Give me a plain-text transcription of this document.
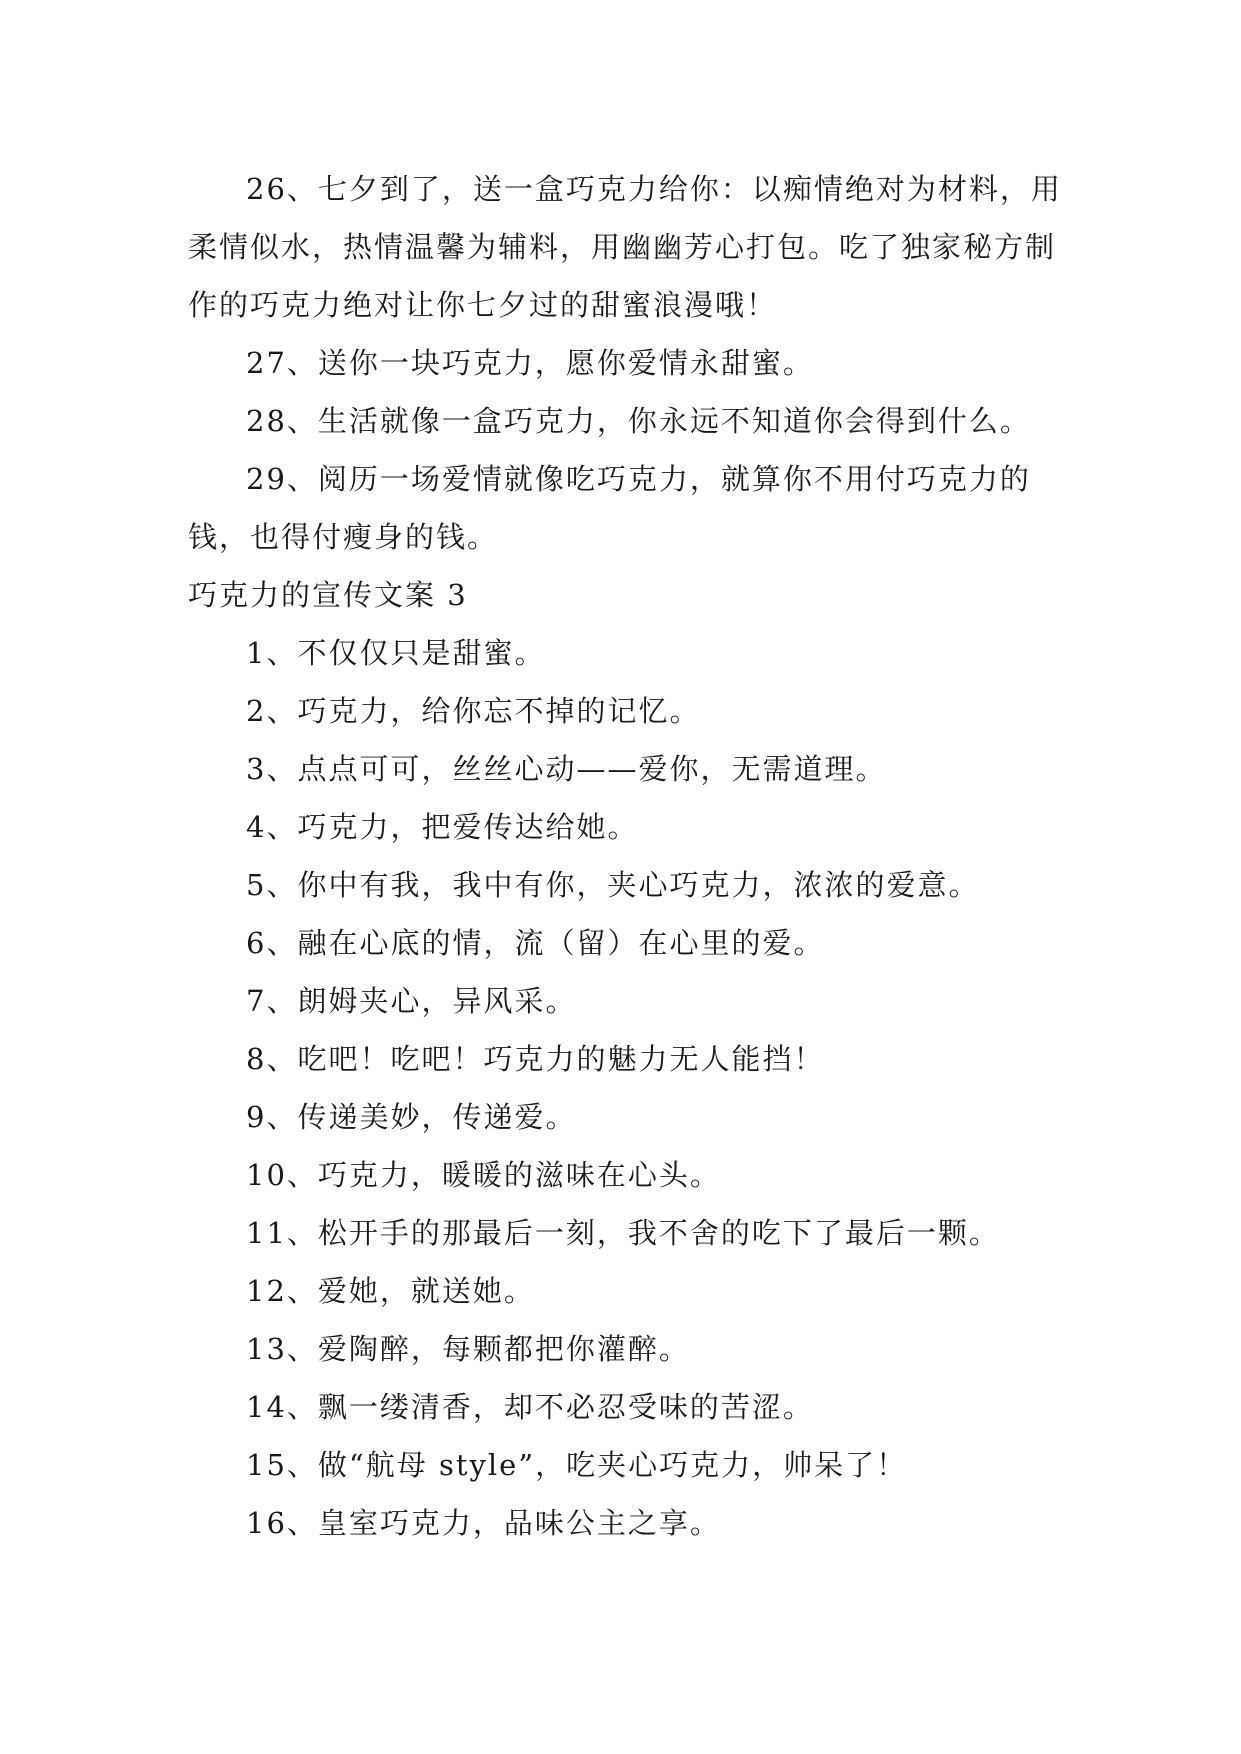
26、七夕到了，送一盒巧克力给你：以痴情绝对为材料，用柔情似水，热情温馨为辅料，用幽幽芳心打包。吃了独家秘方制作的巧克力绝对让你七夕过的甜蜜浪漫哦！

27、送你一块巧克力，愿你爱情永甜蜜。

28、生活就像一盒巧克力，你永远不知道你会得到什么。

29、阅历一场爱情就像吃巧克力，就算你不用付巧克力的钱，也得付瘦身的钱。

巧克力的宣传文案 3

1、不仅仅只是甜蜜。

2、巧克力，给你忘不掉的记忆。

3、点点可可，丝丝心动——爱你，无需道理。

4、巧克力，把爱传达给她。

5、你中有我，我中有你，夹心巧克力，浓浓的爱意。

6、融在心底的情，流（留）在心里的爱。

7、朗姆夹心，异风采。

8、吃吧！吃吧！巧克力的魅力无人能挡！

9、传递美妙，传递爱。

10、巧克力，暖暖的滋味在心头。

11、松开手的那最后一刻，我不舍的吃下了最后一颗。

12、爱她，就送她。

13、爱陶醉，每颗都把你灌醉。

14、飘一缕清香，却不必忍受味的苦涩。

15、做“航母 style”，吃夹心巧克力，帅呆了！

16、皇室巧克力，品味公主之享。
